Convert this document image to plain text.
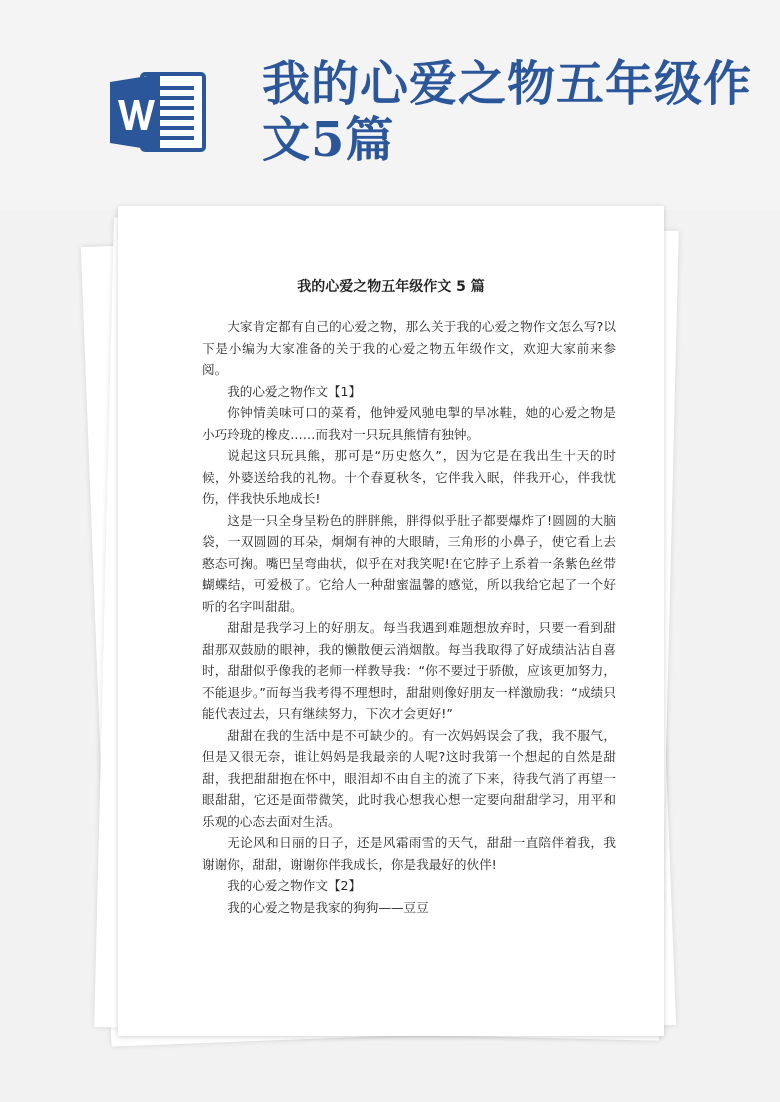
我的心爱之物五年级作文5篇
我的心爱之物五年级作文 5 篇

大家肯定都有自己的心爱之物，那么关于我的心爱之物作文怎么写?以下是小编为大家准备的关于我的心爱之物五年级作文，欢迎大家前来参阅。

我的心爱之物作文【1】

你钟情美味可口的菜肴，他钟爱风驰电掣的旱冰鞋，她的心爱之物是小巧玲珑的橡皮……而我对一只玩具熊情有独钟。

说起这只玩具熊，那可是“历史悠久”，因为它是在我出生十天的时候，外婆送给我的礼物。十个春夏秋冬，它伴我入眠，伴我开心，伴我忧伤，伴我快乐地成长!

这是一只全身呈粉色的胖胖熊，胖得似乎肚子都要爆炸了!圆圆的大脑袋，一双圆圆的耳朵，炯炯有神的大眼睛，三角形的小鼻子，使它看上去憨态可掬。嘴巴呈弯曲状，似乎在对我笑呢!在它脖子上系着一条紫色丝带蝴蝶结，可爱极了。它给人一种甜蜜温馨的感觉，所以我给它起了一个好听的名字叫甜甜。

甜甜是我学习上的好朋友。每当我遇到难题想放弃时，只要一看到甜甜那双鼓励的眼神，我的懒散便云消烟散。每当我取得了好成绩沾沾自喜时，甜甜似乎像我的老师一样教导我：“你不要过于骄傲，应该更加努力，不能退步。”而每当我考得不理想时，甜甜则像好朋友一样激励我：“成绩只能代表过去，只有继续努力，下次才会更好!”

甜甜在我的生活中是不可缺少的。有一次妈妈误会了我，我不服气，但是又很无奈，谁让妈妈是我最亲的人呢?这时我第一个想起的自然是甜甜，我把甜甜抱在怀中，眼泪却不由自主的流了下来，待我气消了再望一眼甜甜，它还是面带微笑，此时我心想我心想一定要向甜甜学习，用平和乐观的心态去面对生活。

无论风和日丽的日子，还是风霜雨雪的天气，甜甜一直陪伴着我，我谢谢你，甜甜，谢谢你伴我成长，你是我最好的伙伴!

我的心爱之物作文【2】

我的心爱之物是我家的狗狗——豆豆
